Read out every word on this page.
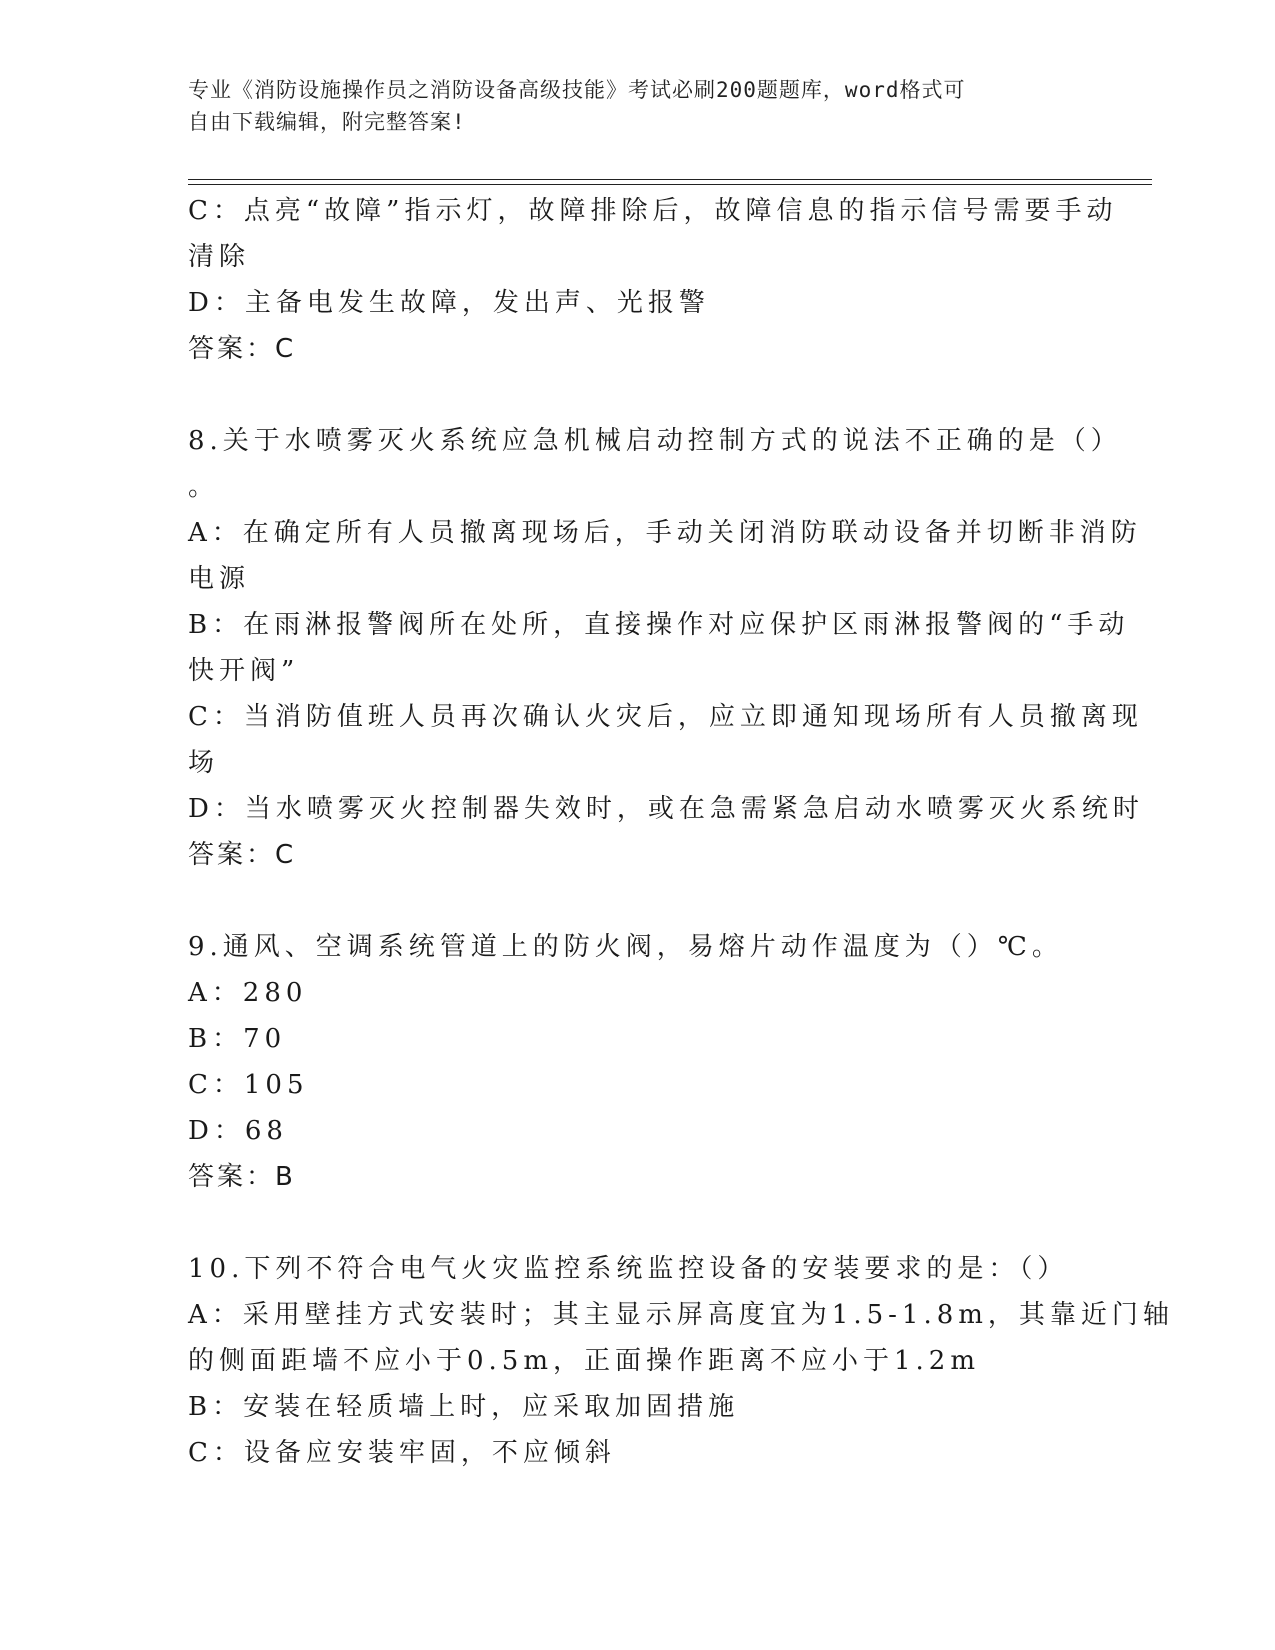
专业《消防设施操作员之消防设备高级技能》考试必刷200题题库，word格式可
自由下载编辑，附完整答案!
C：点亮“故障”指示灯，故障排除后，故障信息的指示信号需要手动
清除
D：主备电发生故障，发出声、光报警
答案：C
8.关于水喷雾灭火系统应急机械启动控制方式的说法不正确的是（）
。
A：在确定所有人员撤离现场后，手动关闭消防联动设备并切断非消防
电源
B：在雨淋报警阀所在处所，直接操作对应保护区雨淋报警阀的“手动
快开阀”
C：当消防值班人员再次确认火灾后，应立即通知现场所有人员撤离现
场
D：当水喷雾灭火控制器失效时，或在急需紧急启动水喷雾灭火系统时
答案：C
9.通风、空调系统管道上的防火阀，易熔片动作温度为（）℃。
A：280
B：70
C：105
D：68
答案：B
10.下列不符合电气火灾监控系统监控设备的安装要求的是：（）
A：采用壁挂方式安装时；其主显示屏高度宜为1.5-1.8m，其靠近门轴
的侧面距墙不应小于0.5m，正面操作距离不应小于1.2m
B：安装在轻质墙上时，应采取加固措施
C：设备应安装牢固，不应倾斜
